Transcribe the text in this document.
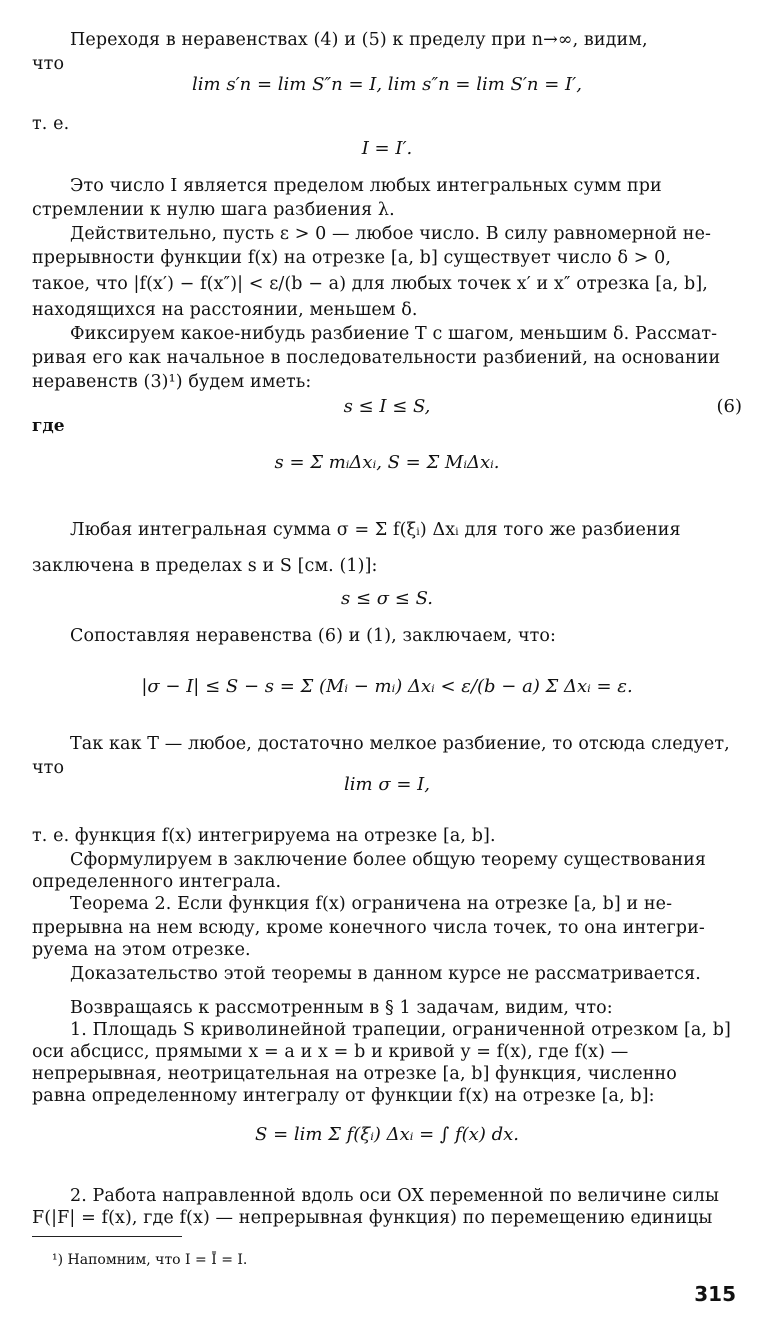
Переходя в неравенствах (4) и (5) к пределу при n→∞, видим,
что
lim s′n = lim S″n = I, lim s″n = lim S′n = I′,
т. е.
I = I′.
Это число I является пределом любых интегральных сумм при
стремлении к нулю шага разбиения λ.
Действительно, пусть ε > 0 — любое число. В силу равномерной не-
прерывности функции f(x) на отрезке [a, b] существует число δ > 0,
такое, что |f(x′) − f(x″)| < ε/(b − a) для любых точек x′ и x″ отрезка [a, b],
находящихся на расстоянии, меньшем δ.
Фиксируем какое-нибудь разбиение T с шагом, меньшим δ. Рассмат-
ривая его как начальное в последовательности разбиений, на основании
неравенств (3)¹) будем иметь:
s ≤ I ≤ S,	(6)
где
s = Σ mᵢΔxᵢ, S = Σ MᵢΔxᵢ.
Любая интегральная сумма σ = Σ f(ξᵢ) Δxᵢ для того же разбиения
заключена в пределах s и S [см. (1)]:
s ≤ σ ≤ S.
Сопоставляя неравенства (6) и (1), заключаем, что:
|σ − I| ≤ S − s = Σ (Mᵢ − mᵢ) Δxᵢ < ε/(b − a) Σ Δxᵢ = ε.
Так как T — любое, достаточно мелкое разбиение, то отсюда следует,
что
lim σ = I,
т. е. функция f(x) интегрируема на отрезке [a, b].
Сформулируем в заключение более общую теорему существования
определенного интеграла.
Теорема 2. Если функция f(x) ограничена на отрезке [a, b] и не-
прерывна на нем всюду, кроме конечного числа точек, то она интегри-
руема на этом отрезке.
Доказательство этой теоремы в данном курсе не рассматривается.
Возвращаясь к рассмотренным в § 1 задачам, видим, что:
1. Площадь S криволинейной трапеции, ограниченной отрезком [a, b]
оси абсцисс, прямыми x = a и x = b и кривой y = f(x), где f(x) —
непрерывная, неотрицательная на отрезке [a, b] функция, численно
равна определенному интегралу от функции f(x) на отрезке [a, b]:
S = lim Σ f(ξᵢ) Δxᵢ = ∫ f(x) dx.
2. Работа направленной вдоль оси OX переменной по величине силы
F(|F| = f(x), где f(x) — непрерывная функция) по перемещению единицы
¹) Напомним, что I = Ī = I.
315
